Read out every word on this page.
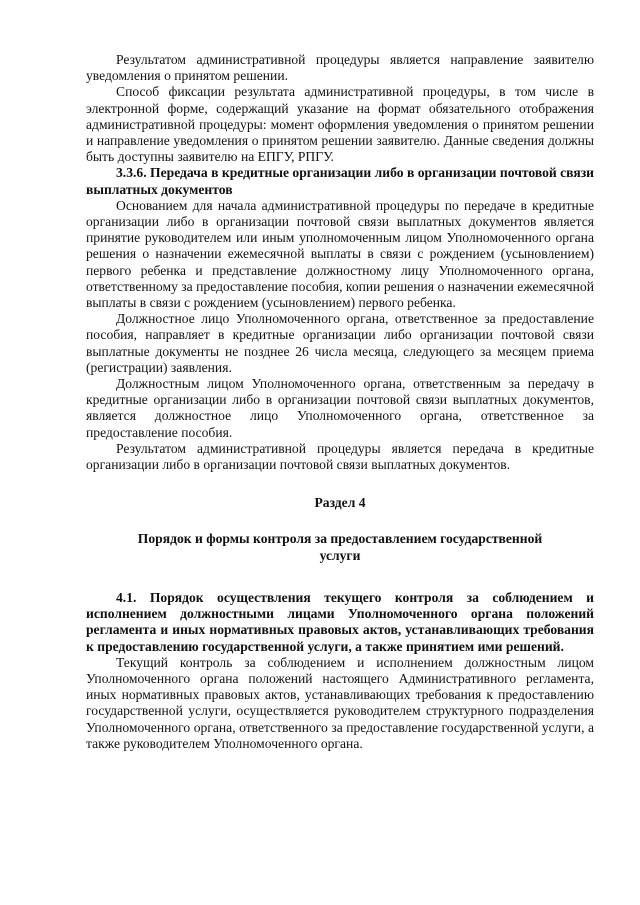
Результатом административной процедуры является направление заявителю уведомления о принятом решении.

Способ фиксации результата административной процедуры, в том числе в электронной форме, содержащий указание на формат обязательного отображения административной процедуры: момент оформления уведомления о принятом решении и направление уведомления о принятом решении заявителю. Данные сведения должны быть доступны заявителю на ЕПГУ, РПГУ.

3.3.6. Передача в кредитные организации либо в организации почтовой связи выплатных документов

Основанием для начала административной процедуры по передаче в кредитные организации либо в организации почтовой связи выплатных документов является принятие руководителем или иным уполномоченным лицом Уполномоченного органа решения о назначении ежемесячной выплаты в связи с рождением (усыновлением) первого ребенка и представление должностному лицу Уполномоченного органа, ответственному за предоставление пособия, копии решения о назначении ежемесячной выплаты в связи с рождением (усыновлением) первого ребенка.

Должностное лицо Уполномоченного органа, ответственное за предоставление пособия, направляет в кредитные организации либо организации почтовой связи выплатные документы не позднее 26 числа месяца, следующего за месяцем приема (регистрации) заявления.

Должностным лицом Уполномоченного органа, ответственным за передачу в кредитные организации либо в организации почтовой связи выплатных документов, является должностное лицо Уполномоченного органа, ответственное за предоставление пособия.

Результатом административной процедуры является передача в кредитные организации либо в организации почтовой связи выплатных документов.

Раздел 4
Порядок и формы контроля за предоставлением государственной услуги

4.1. Порядок осуществления текущего контроля за соблюдением и исполнением должностными лицами Уполномоченного органа положений регламента и иных нормативных правовых актов, устанавливающих требования к предоставлению государственной услуги, а также принятием ими решений.

Текущий контроль за соблюдением и исполнением должностным лицом Уполномоченного органа положений настоящего Административного регламента, иных нормативных правовых актов, устанавливающих требования к предоставлению государственной услуги, осуществляется руководителем структурного подразделения Уполномоченного органа, ответственного за предоставление государственной услуги, а также руководителем Уполномоченного органа.
